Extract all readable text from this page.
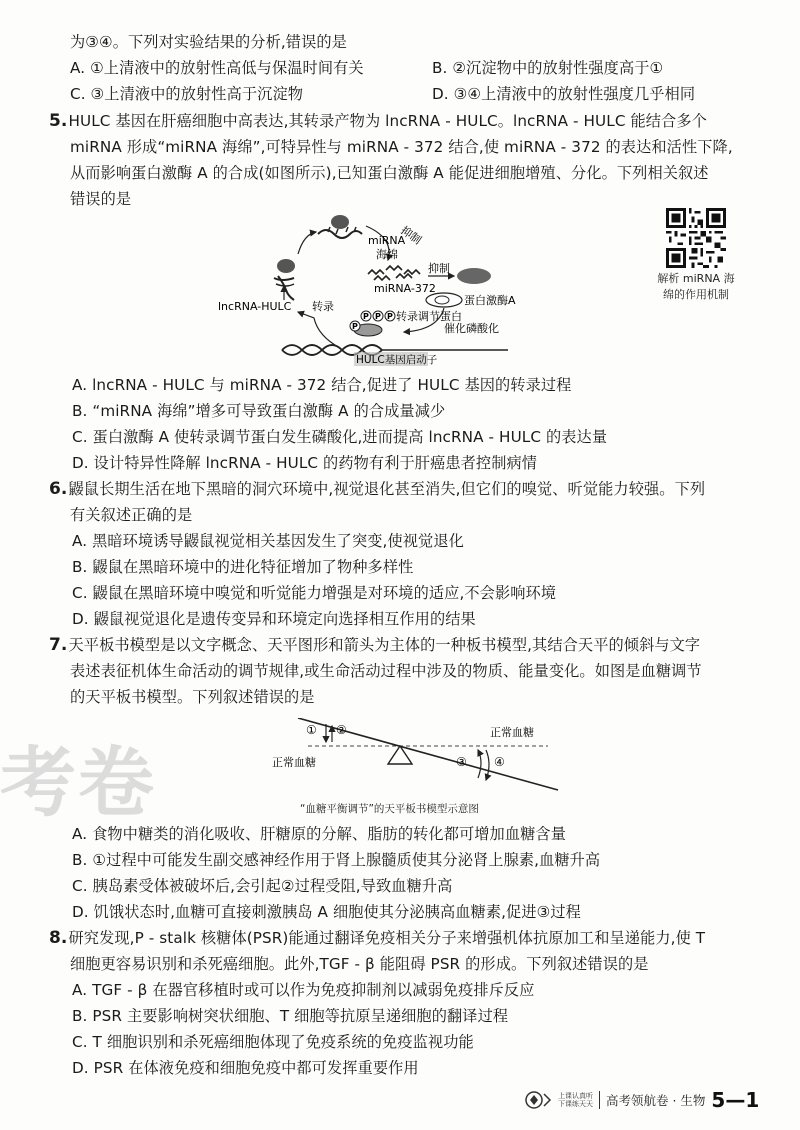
考卷
为③④。下列对实验结果的分析,错误的是
A. ①上清液中的放射性高低与保温时间有关	B. ②沉淀物中的放射性强度高于①
C. ③上清液中的放射性高于沉淀物	D. ③④上清液中的放射性强度几乎相同
5.HULC 基因在肝癌细胞中高表达,其转录产物为 lncRNA - HULC。lncRNA - HULC 能结合多个
miRNA 形成“miRNA 海绵”,可特异性与 miRNA - 372 结合,使 miRNA - 372 的表达和活性下降,
从而影响蛋白激酶 A 的合成(如图所示),已知蛋白激酶 A 能促进细胞增殖、分化。下列相关叙述
错误的是
miRNA
海绵
抑制
miRNA-372
抑制
蛋白激酶A
P P P 转录调节蛋白
P	催化磷酸化
lncRNA-HULC 转录
HULC基因启动子
解析 miRNA 海绵的作用机制
A. lncRNA - HULC 与 miRNA - 372 结合,促进了 HULC 基因的转录过程
B. “miRNA 海绵”增多可导致蛋白激酶 A 的合成量减少
C. 蛋白激酶 A 使转录调节蛋白发生磷酸化,进而提高 lncRNA - HULC 的表达量
D. 设计特异性降解 lncRNA - HULC 的药物有利于肝癌患者控制病情
6.鼹鼠长期生活在地下黑暗的洞穴环境中,视觉退化甚至消失,但它们的嗅觉、听觉能力较强。下列
有关叙述正确的是
A. 黑暗环境诱导鼹鼠视觉相关基因发生了突变,使视觉退化
B. 鼹鼠在黑暗环境中的进化特征增加了物种多样性
C. 鼹鼠在黑暗环境中嗅觉和听觉能力增强是对环境的适应,不会影响环境
D. 鼹鼠视觉退化是遗传变异和环境定向选择相互作用的结果
7.天平板书模型是以文字概念、天平图形和箭头为主体的一种板书模型,其结合天平的倾斜与文字
表述表征机体生命活动的调节规律,或生命活动过程中涉及的物质、能量变化。如图是血糖调节
的天平板书模型。下列叙述错误的是
① ②
③ ④
正常血糖
正常血糖
“血糖平衡调节”的天平板书模型示意图
A. 食物中糖类的消化吸收、肝糖原的分解、脂肪的转化都可增加血糖含量
B. ①过程中可能发生副交感神经作用于肾上腺髓质使其分泌肾上腺素,血糖升高
C. 胰岛素受体被破坏后,会引起②过程受阻,导致血糖升高
D. 饥饿状态时,血糖可直接刺激胰岛 A 细胞使其分泌胰高血糖素,促进③过程
8.研究发现,P - stalk 核糖体(PSR)能通过翻译免疫相关分子来增强机体抗原加工和呈递能力,使 T
细胞更容易识别和杀死癌细胞。此外,TGF - β 能阻碍 PSR 的形成。下列叙述错误的是
A. TGF - β 在器官移植时或可以作为免疫抑制剂以减弱免疫排斥反应
B. PSR 主要影响树突状细胞、T 细胞等抗原呈递细胞的翻译过程
C. T 细胞识别和杀死癌细胞体现了免疫系统的免疫监视功能
D. PSR 在体液免疫和细胞免疫中都可发挥重要作用
上课认真听
下课练天天 高考领航卷 · 生物 5—1
